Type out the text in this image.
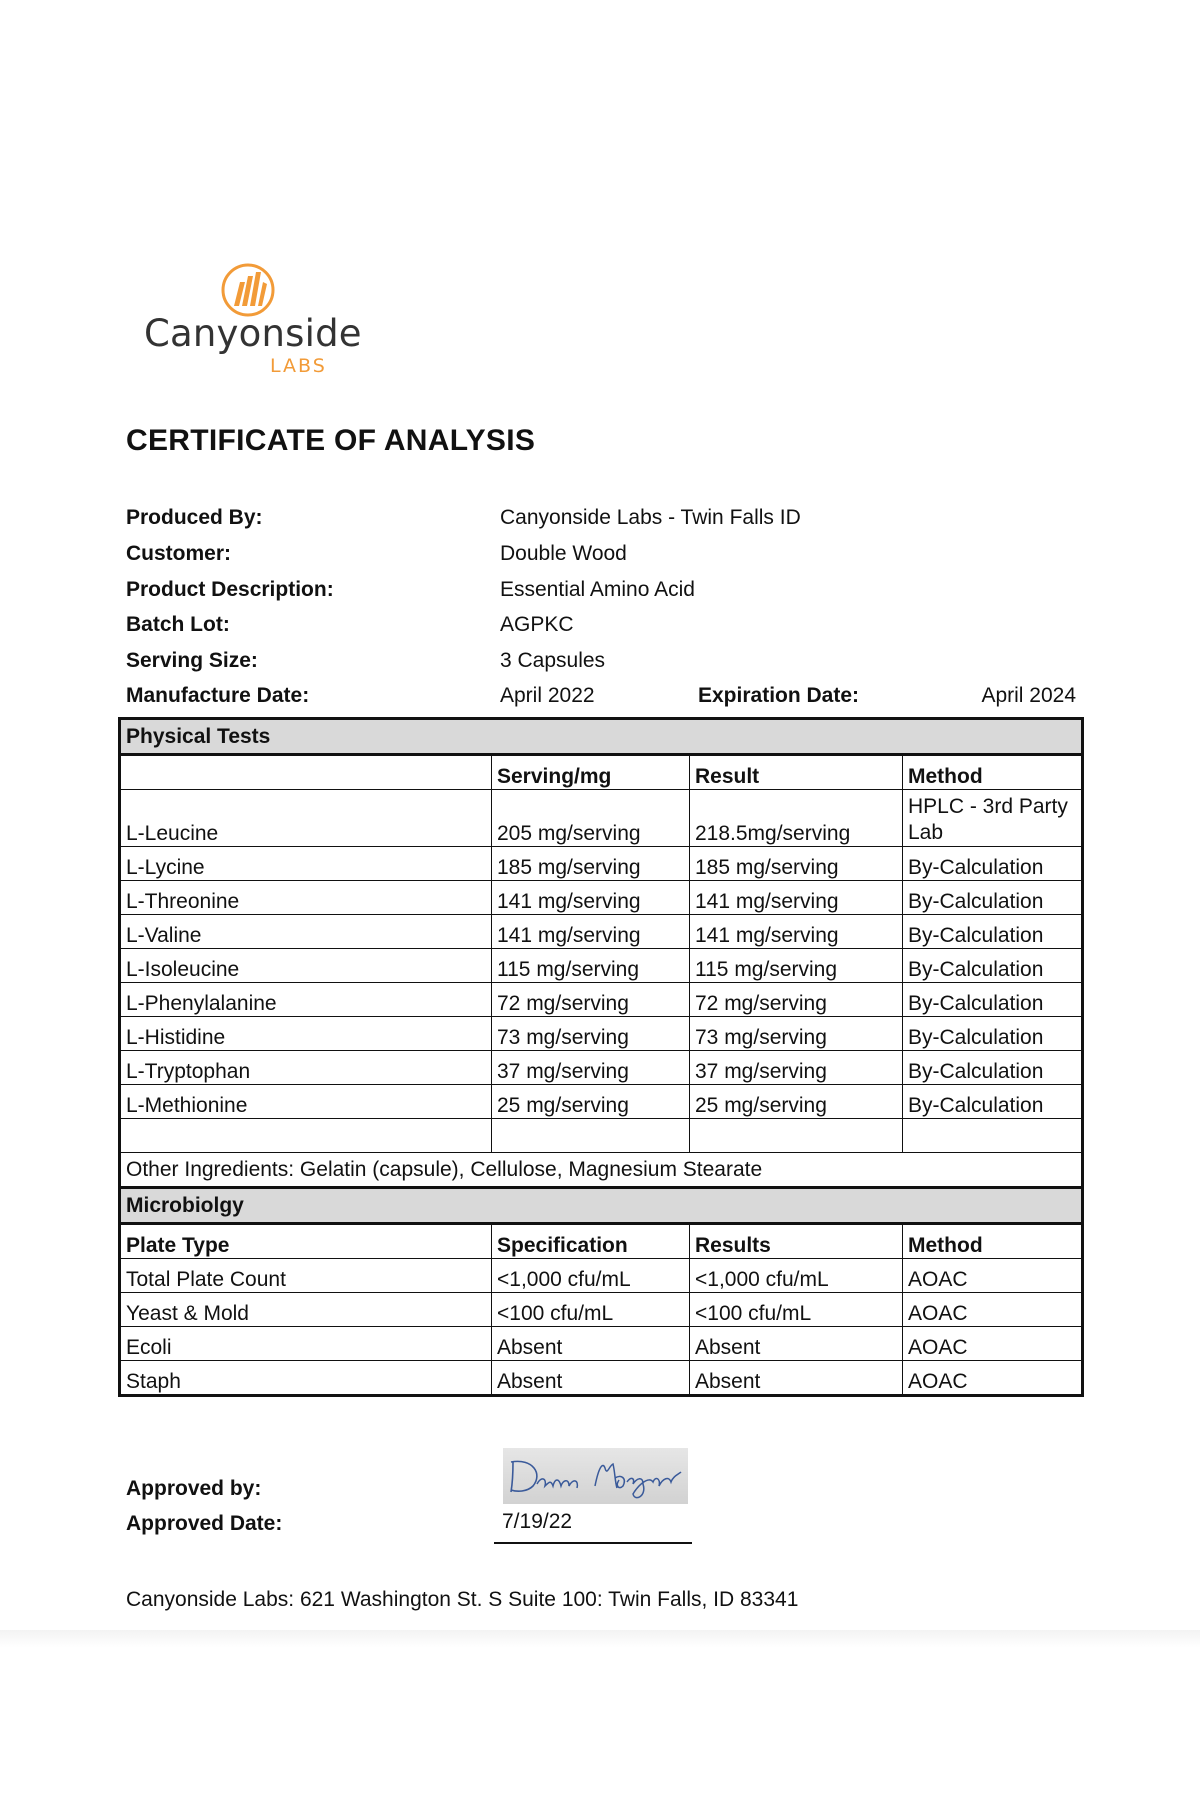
Canyonside
LABS
CERTIFICATE OF ANALYSIS
Produced By:	Canyonside Labs - Twin Falls ID
Customer:	Double Wood
Product Description:	Essential Amino Acid
Batch Lot:	AGPKC
Serving Size:	3 Capsules
Manufacture Date:	April 2022	Expiration Date:	April 2024
Physical Tests			
	Serving/mg	Result	Method
L-Leucine	205 mg/serving	218.5mg/serving	HPLC - 3rd Party Lab
L-Lycine	185 mg/serving	185 mg/serving	By-Calculation
L-Threonine	141 mg/serving	141 mg/serving	By-Calculation
L-Valine	141 mg/serving	141 mg/serving	By-Calculation
L-Isoleucine	115 mg/serving	115 mg/serving	By-Calculation
L-Phenylalanine	72 mg/serving	72 mg/serving	By-Calculation
L-Histidine	73 mg/serving	73 mg/serving	By-Calculation
L-Tryptophan	37 mg/serving	37 mg/serving	By-Calculation
L-Methionine	25 mg/serving	25 mg/serving	By-Calculation

Other Ingredients: Gelatin (capsule), Cellulose, Magnesium Stearate			
Microbiolgy			
Plate Type	Specification	Results	Method
Total Plate Count	<1,000 cfu/mL	<1,000 cfu/mL	AOAC
Yeast & Mold	<100 cfu/mL	<100 cfu/mL	AOAC
Ecoli	Absent	Absent	AOAC
Staph	Absent	Absent	AOAC
Approved by:
Approved Date:	7/19/22
Canyonside Labs: 621 Washington St. S Suite 100: Twin Falls, ID 83341
